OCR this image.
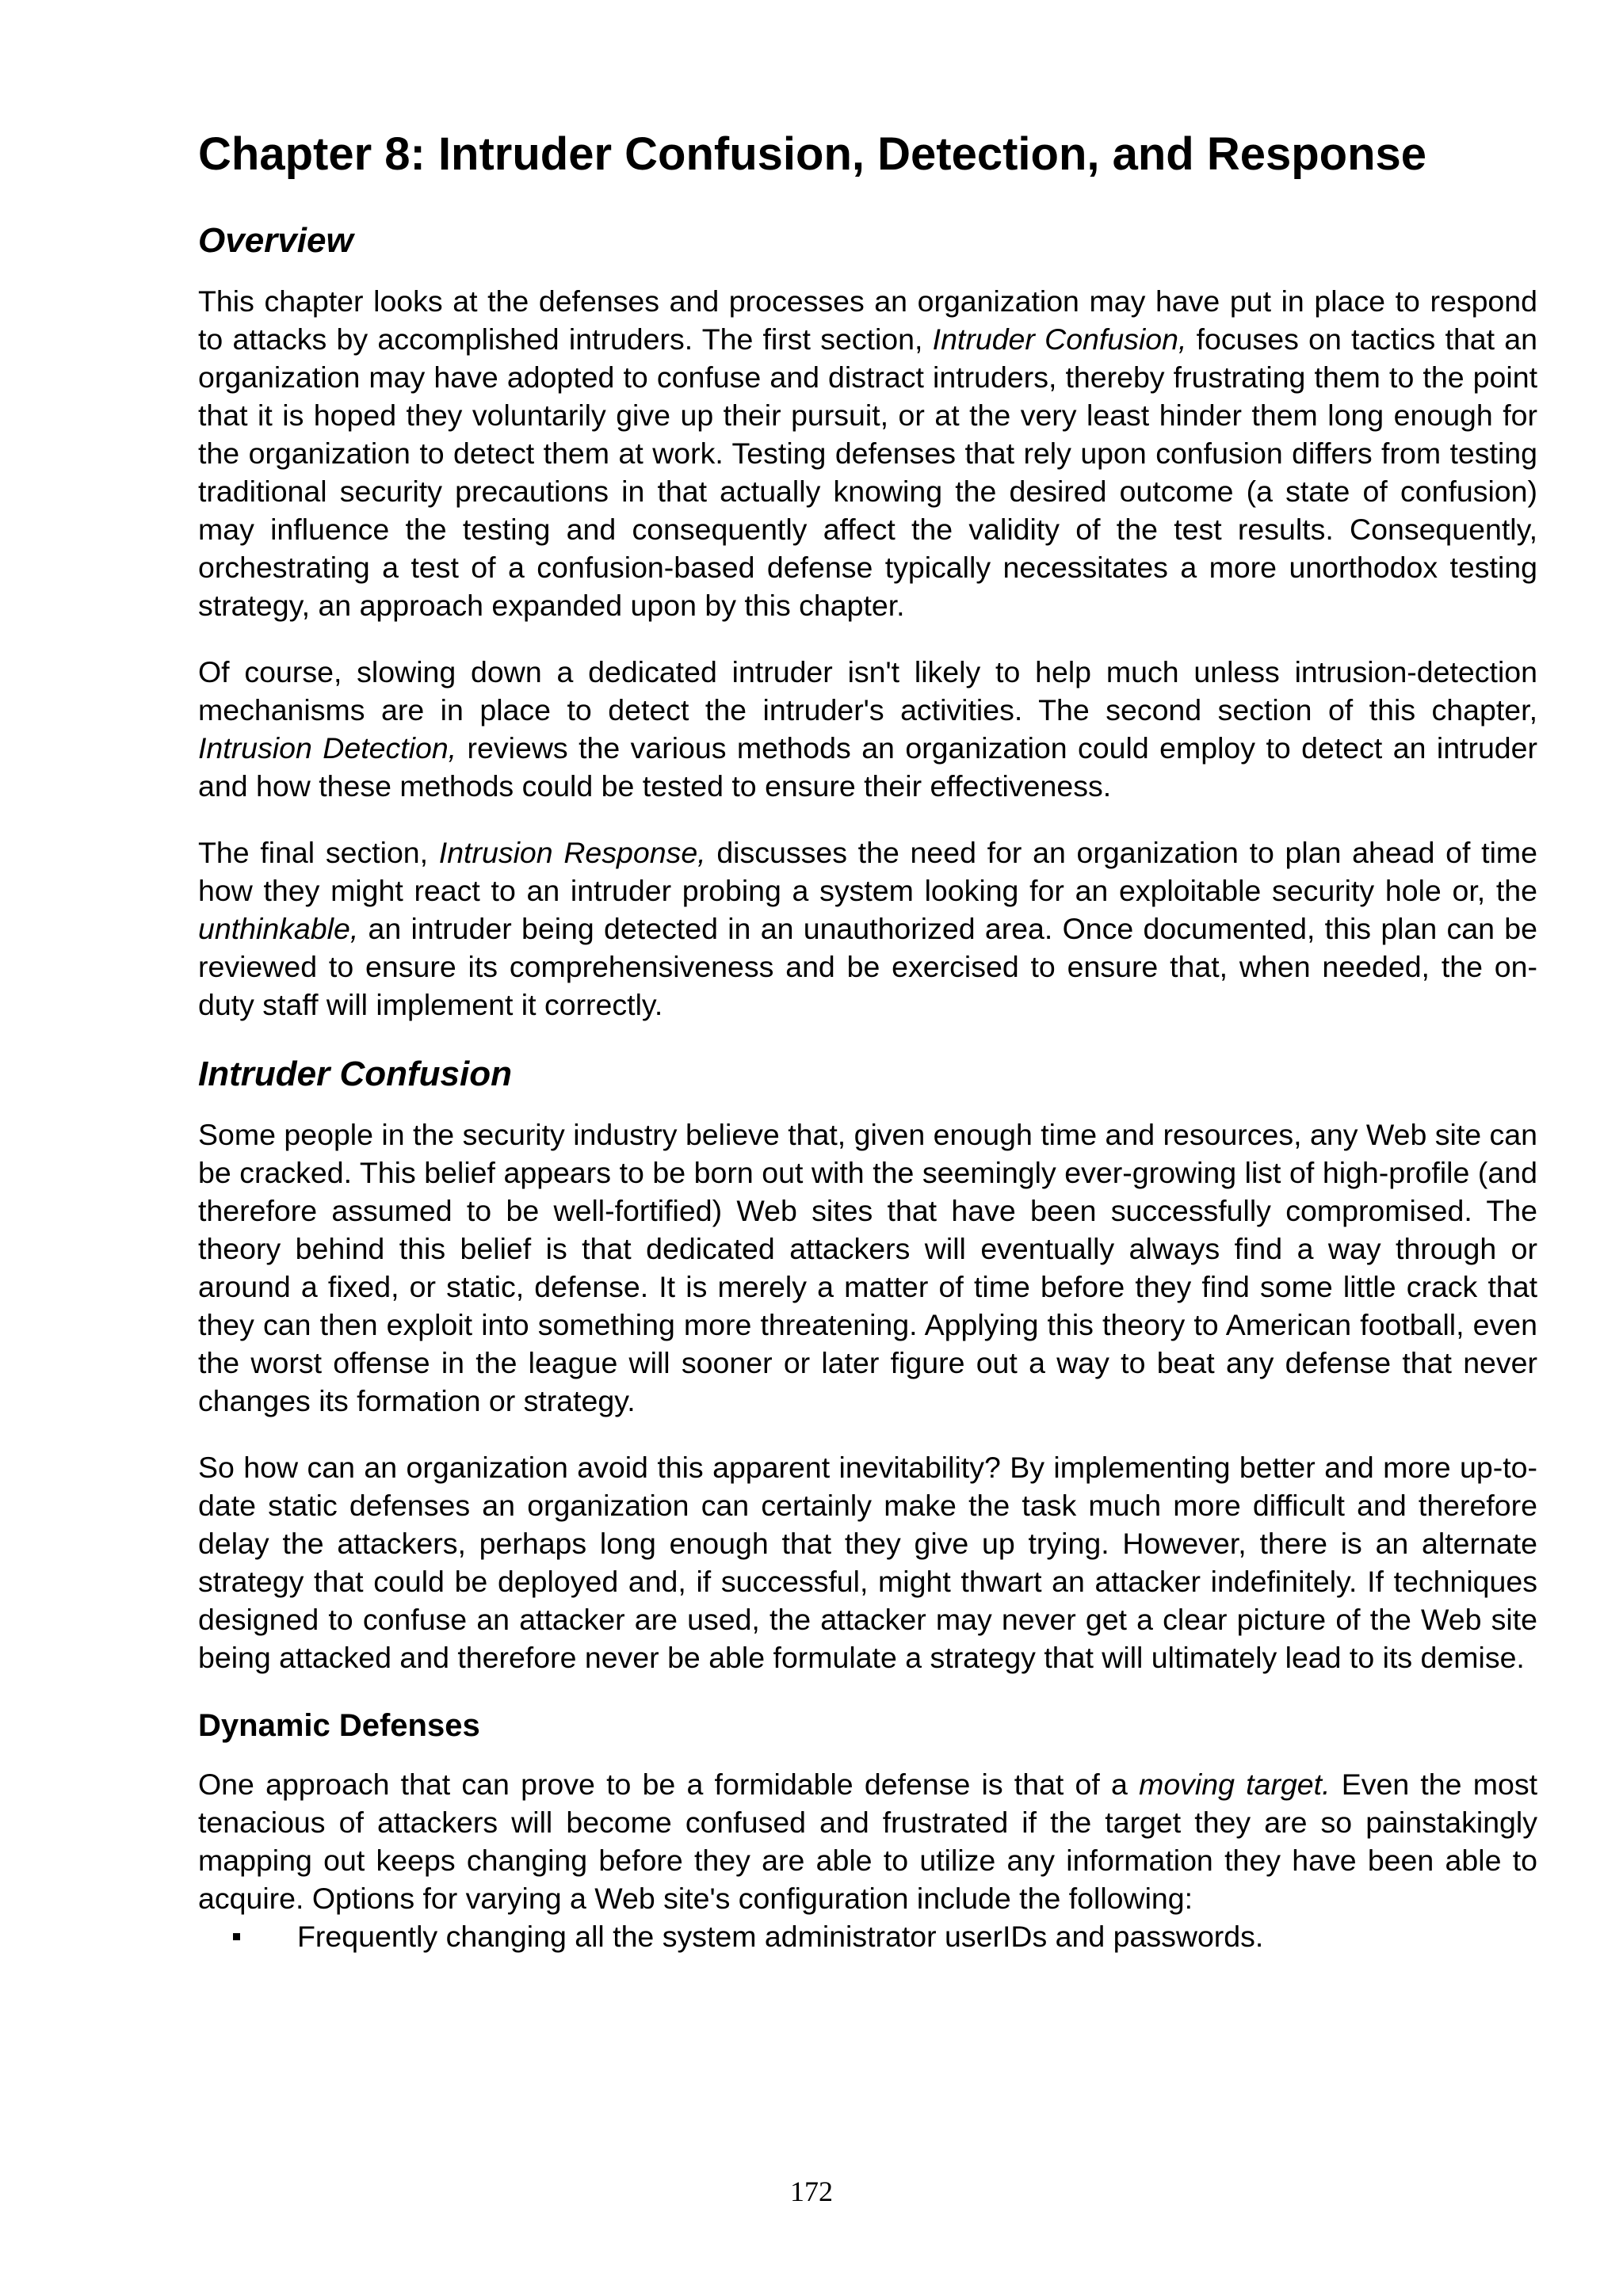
Chapter 8: Intruder Confusion, Detection, and Response
Overview

This chapter looks at the defenses and processes an organization may have put in place to respond to attacks by accomplished intruders. The first section, Intruder Confusion, focuses on tactics that an organization may have adopted to confuse and distract intruders, thereby frustrating them to the point that it is hoped they voluntarily give up their pursuit, or at the very least hinder them long enough for the organization to detect them at work. Testing defenses that rely upon confusion differs from testing traditional security precautions in that actually knowing the desired outcome (a state of confusion) may influence the testing and consequently affect the validity of the test results. Consequently, orchestrating a test of a confusion-based defense typically necessitates a more unorthodox testing strategy, an approach expanded upon by this chapter.

Of course, slowing down a dedicated intruder isn't likely to help much unless intrusion-detection mechanisms are in place to detect the intruder's activities. The second section of this chapter, Intrusion Detection, reviews the various methods an organization could employ to detect an intruder and how these methods could be tested to ensure their effectiveness.

The final section, Intrusion Response, discusses the need for an organization to plan ahead of time how they might react to an intruder probing a system looking for an exploitable security hole or, the unthinkable, an intruder being detected in an unauthorized area. Once documented, this plan can be reviewed to ensure its comprehensiveness and be exercised to ensure that, when needed, the on-duty staff will implement it correctly.

Intruder Confusion

Some people in the security industry believe that, given enough time and resources, any Web site can be cracked. This belief appears to be born out with the seemingly ever-growing list of high-profile (and therefore assumed to be well-fortified) Web sites that have been successfully compromised. The theory behind this belief is that dedicated attackers will eventually always find a way through or around a fixed, or static, defense. It is merely a matter of time before they find some little crack that they can then exploit into something more threatening. Applying this theory to American football, even the worst offense in the league will sooner or later figure out a way to beat any defense that never changes its formation or strategy.

So how can an organization avoid this apparent inevitability? By implementing better and more up-to-date static defenses an organization can certainly make the task much more difficult and therefore delay the attackers, perhaps long enough that they give up trying. However, there is an alternate strategy that could be deployed and, if successful, might thwart an attacker indefinitely. If techniques designed to confuse an attacker are used, the attacker may never get a clear picture of the Web site being attacked and therefore never be able formulate a strategy that will ultimately lead to its demise.

Dynamic Defenses

One approach that can prove to be a formidable defense is that of a moving target. Even the most tenacious of attackers will become confused and frustrated if the target they are so painstakingly mapping out keeps changing before they are able to utilize any information they have been able to acquire. Options for varying a Web site's configuration include the following:

Frequently changing all the system administrator userIDs and passwords.
172
